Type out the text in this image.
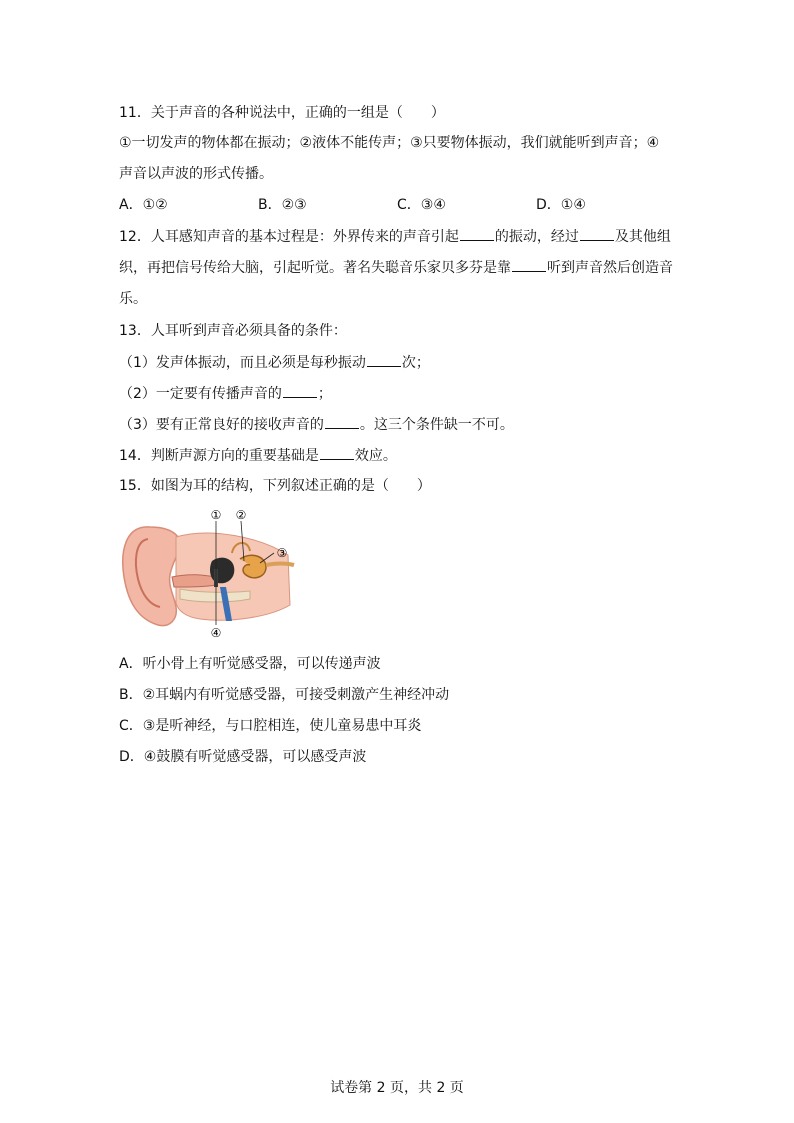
11．关于声音的各种说法中，正确的一组是（　　）
①一切发声的物体都在振动；②液体不能传声；③只要物体振动，我们就能听到声音；④
声音以声波的形式传播。
A．①②	B．②③	C．③④	D．①④
12．人耳感知声音的基本过程是：外界传来的声音引起	的振动，经过	及其他组
织，再把信号传给大脑，引起听觉。著名失聪音乐家贝多芬是靠	听到声音然后创造音
乐。
13．人耳听到声音必须具备的条件：
（1）发声体振动，而且必须是每秒振动	次；
（2）一定要有传播声音的	；
（3）要有正常良好的接收声音的	。这三个条件缺一不可。
14．判断声源方向的重要基础是	效应。
15．如图为耳的结构，下列叙述正确的是（　　）
① ②
③
④
A．听小骨上有听觉感受器，可以传递声波
B．②耳蜗内有听觉感受器，可接受刺激产生神经冲动
C．③是听神经，与口腔相连，使儿童易患中耳炎
D．④鼓膜有听觉感受器，可以感受声波
试卷第 2 页，共 2 页
